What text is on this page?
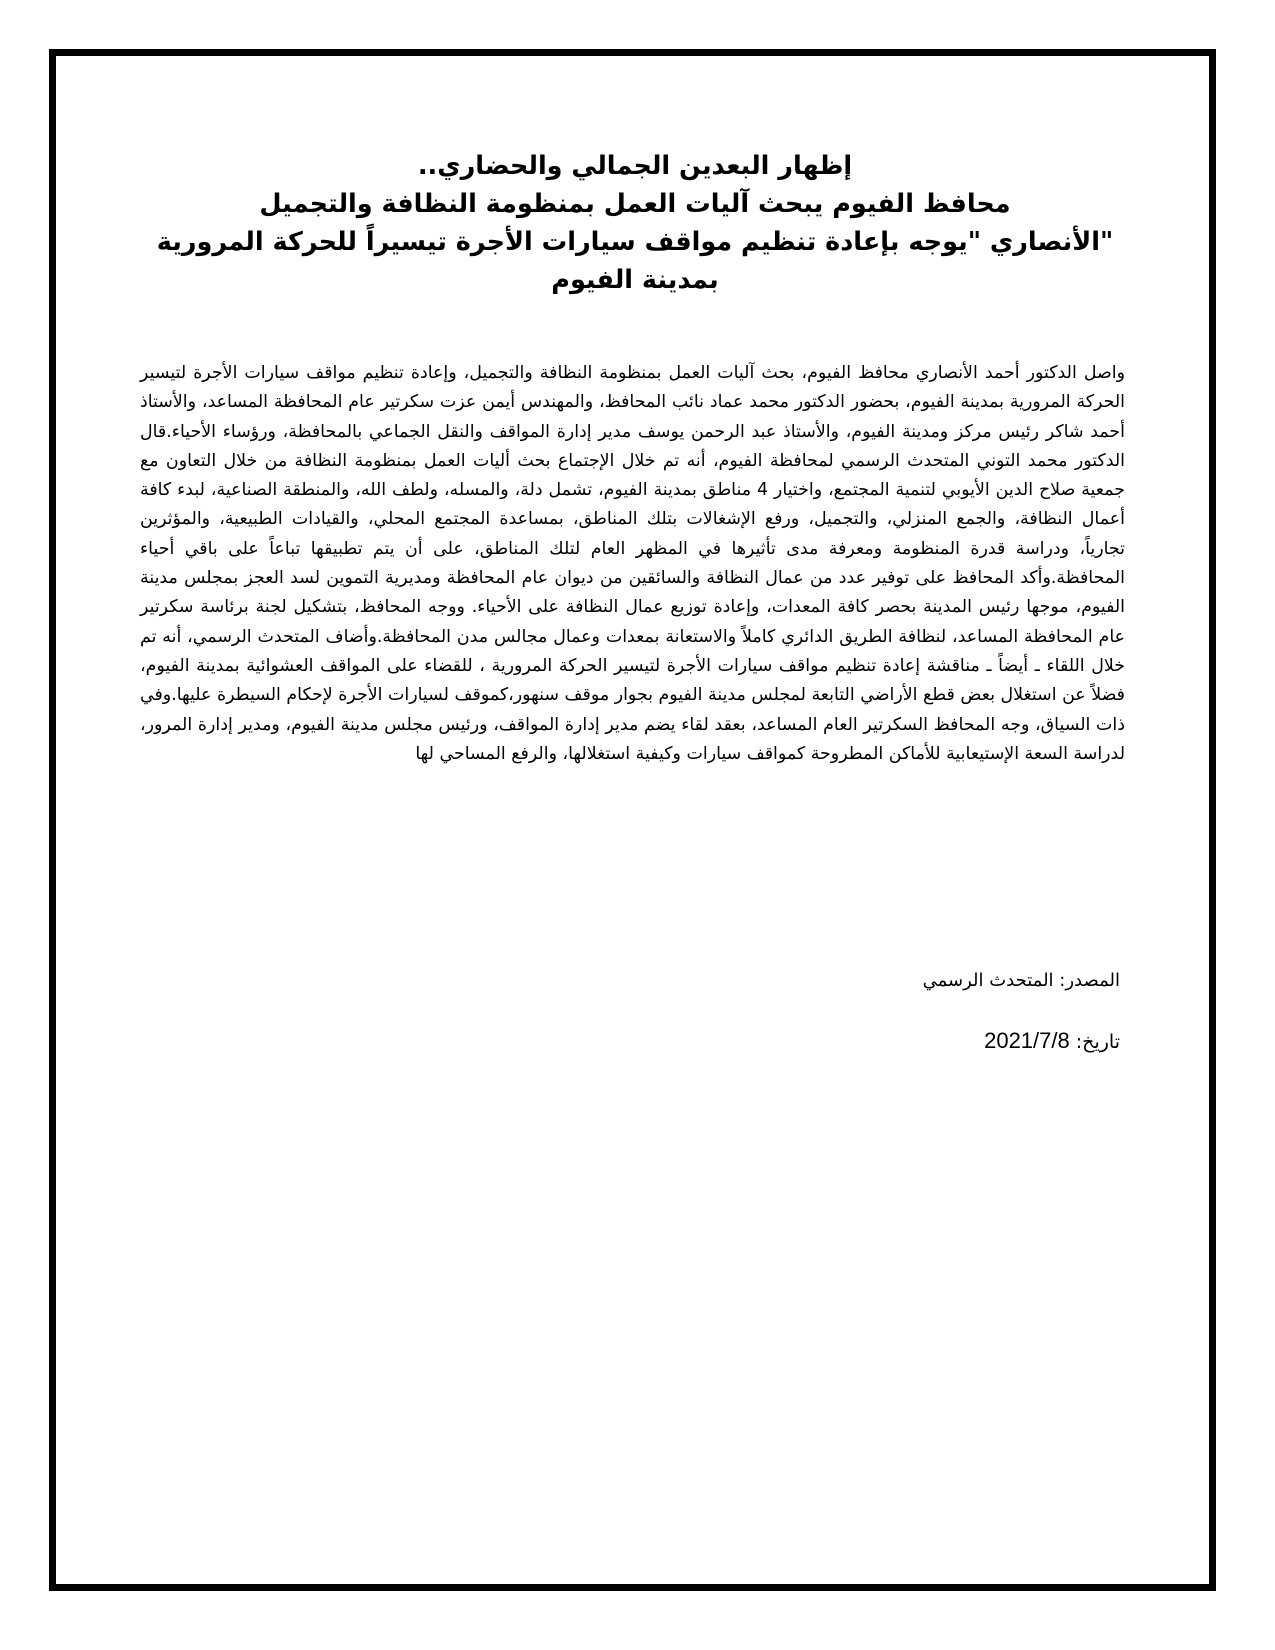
إظهار البعدين الجمالي والحضاري..
محافظ الفيوم يبحث آليات العمل بمنظومة النظافة والتجميل
"الأنصاري "يوجه بإعادة تنظيم مواقف سيارات الأجرة تيسيراً للحركة المرورية
بمدينة الفيوم

واصل الدكتور أحمد الأنصاري محافظ الفيوم، بحث آليات العمل بمنظومة النظافة والتجميل، وإعادة تنظيم مواقف سيارات الأجرة لتيسير الحركة المرورية بمدينة الفيوم، بحضور الدكتور محمد عماد نائب المحافظ، والمهندس أيمن عزت سكرتير عام المحافظة المساعد، والأستاذ أحمد شاكر رئيس مركز ومدينة الفيوم، والأستاذ عبد الرحمن يوسف مدير إدارة المواقف والنقل الجماعي بالمحافظة، ورؤساء الأحياء.قال الدكتور محمد التوني المتحدث الرسمي لمحافظة الفيوم، أنه تم خلال الإجتماع بحث أليات العمل بمنظومة النظافة من خلال التعاون مع جمعية صلاح الدين الأيوبي لتنمية المجتمع، واختيار 4 مناطق بمدينة الفيوم، تشمل دلة، والمسله، ولطف الله، والمنطقة الصناعية، لبدء كافة أعمال النظافة، والجمع المنزلي، والتجميل، ورفع الإشغالات بتلك المناطق، بمساعدة المجتمع المحلي، والقيادات الطبيعية، والمؤثرين تجارياً، ودراسة قدرة المنظومة ومعرفة مدى تأثيرها في المظهر العام لتلك المناطق، على أن يتم تطبيقها تباعاً على باقي أحياء المحافظة.وأكد المحافظ على توفير عدد من عمال النظافة والسائقين من ديوان عام المحافظة ومديرية التموين لسد العجز بمجلس مدينة الفيوم، موجها رئيس المدينة بحصر كافة المعدات، وإعادة توزيع عمال النظافة على الأحياء. ووجه المحافظ، بتشكيل لجنة برئاسة سكرتير عام المحافظة المساعد، لنظافة الطريق الدائري كاملاً والاستعانة بمعدات وعمال مجالس مدن المحافظة.وأضاف المتحدث الرسمي، أنه تم خلال اللقاء ـ أيضاً ـ مناقشة إعادة تنظيم مواقف سيارات الأجرة لتيسير الحركة المرورية ، للقضاء على المواقف العشوائية بمدينة الفيوم، فضلاً عن استغلال بعض قطع الأراضي التابعة لمجلس مدينة الفيوم بجوار موقف سنهور،كموقف لسيارات الأجرة لإحكام السيطرة عليها.وفي ذات السياق، وجه المحافظ السكرتير العام المساعد، بعقد لقاء يضم مدير إدارة المواقف، ورئيس مجلس مدينة الفيوم، ومدير إدارة المرور، لدراسة السعة الإستيعابية للأماكن المطروحة كمواقف سيارات وكيفية استغلالها، والرفع المساحي لها

المصدر: المتحدث الرسمي

تاريخ: 2021/7/8
